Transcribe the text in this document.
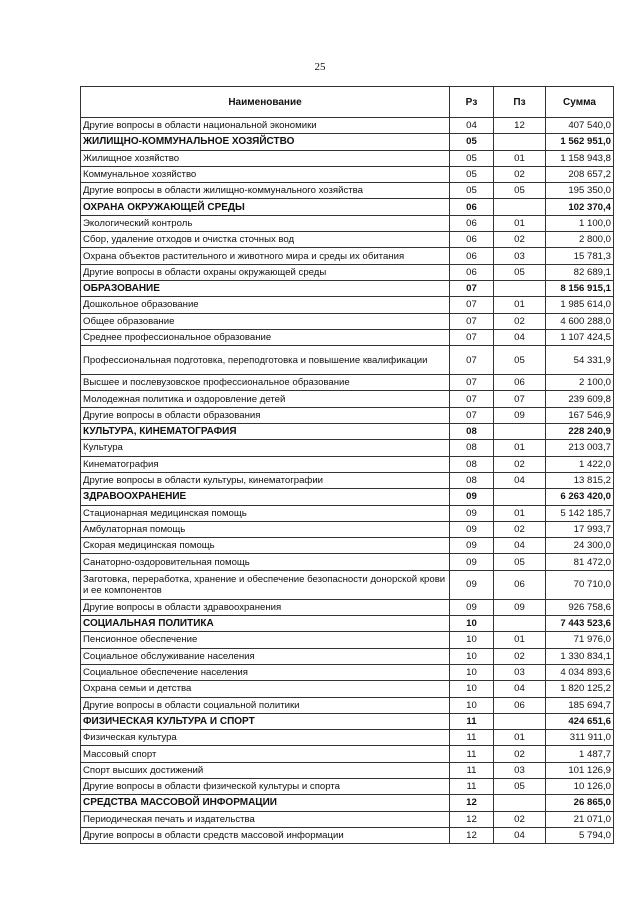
25
Наименование	Рз	Пз	Сумма
Другие вопросы в области национальной экономики	04	12	407 540,0
ЖИЛИЩНО-КОММУНАЛЬНОЕ ХОЗЯЙСТВО	05		1 562 951,0
Жилищное хозяйство	05	01	1 158 943,8
Коммунальное хозяйство	05	02	208 657,2
Другие вопросы в области жилищно-коммунального хозяйства	05	05	195 350,0
ОХРАНА ОКРУЖАЮЩЕЙ СРЕДЫ	06		102 370,4
Экологический контроль	06	01	1 100,0
Сбор, удаление отходов и очистка сточных вод	06	02	2 800,0
Охрана объектов растительного и животного мира и среды их обитания	06	03	15 781,3
Другие вопросы в области охраны окружающей среды	06	05	82 689,1
ОБРАЗОВАНИЕ	07		8 156 915,1
Дошкольное образование	07	01	1 985 614,0
Общее образование	07	02	4 600 288,0
Среднее профессиональное образование	07	04	1 107 424,5
Профессиональная подготовка, переподготовка и повышение квалификации	07	05	54 331,9
Высшее и послевузовское профессиональное образование	07	06	2 100,0
Молодежная политика и оздоровление детей	07	07	239 609,8
Другие вопросы в области образования	07	09	167 546,9
КУЛЬТУРА, КИНЕМАТОГРАФИЯ	08		228 240,9
Культура	08	01	213 003,7
Кинематография	08	02	1 422,0
Другие вопросы в области культуры, кинематографии	08	04	13 815,2
ЗДРАВООХРАНЕНИЕ	09		6 263 420,0
Стационарная медицинская помощь	09	01	5 142 185,7
Амбулаторная помощь	09	02	17 993,7
Скорая медицинская помощь	09	04	24 300,0
Санаторно-оздоровительная помощь	09	05	81 472,0
Заготовка, переработка, хранение и обеспечение безопасности донорской крови и ее компонентов	09	06	70 710,0
Другие вопросы в области здравоохранения	09	09	926 758,6
СОЦИАЛЬНАЯ ПОЛИТИКА	10		7 443 523,6
Пенсионное обеспечение	10	01	71 976,0
Социальное обслуживание населения	10	02	1 330 834,1
Социальное обеспечение населения	10	03	4 034 893,6
Охрана семьи и детства	10	04	1 820 125,2
Другие вопросы в области социальной политики	10	06	185 694,7
ФИЗИЧЕСКАЯ КУЛЬТУРА И СПОРТ	11		424 651,6
Физическая культура	11	01	311 911,0
Массовый спорт	11	02	1 487,7
Спорт высших достижений	11	03	101 126,9
Другие вопросы в области физической культуры и спорта	11	05	10 126,0
СРЕДСТВА МАССОВОЙ ИНФОРМАЦИИ	12		26 865,0
Периодическая печать и издательства	12	02	21 071,0
Другие вопросы в области средств массовой информации	12	04	5 794,0
